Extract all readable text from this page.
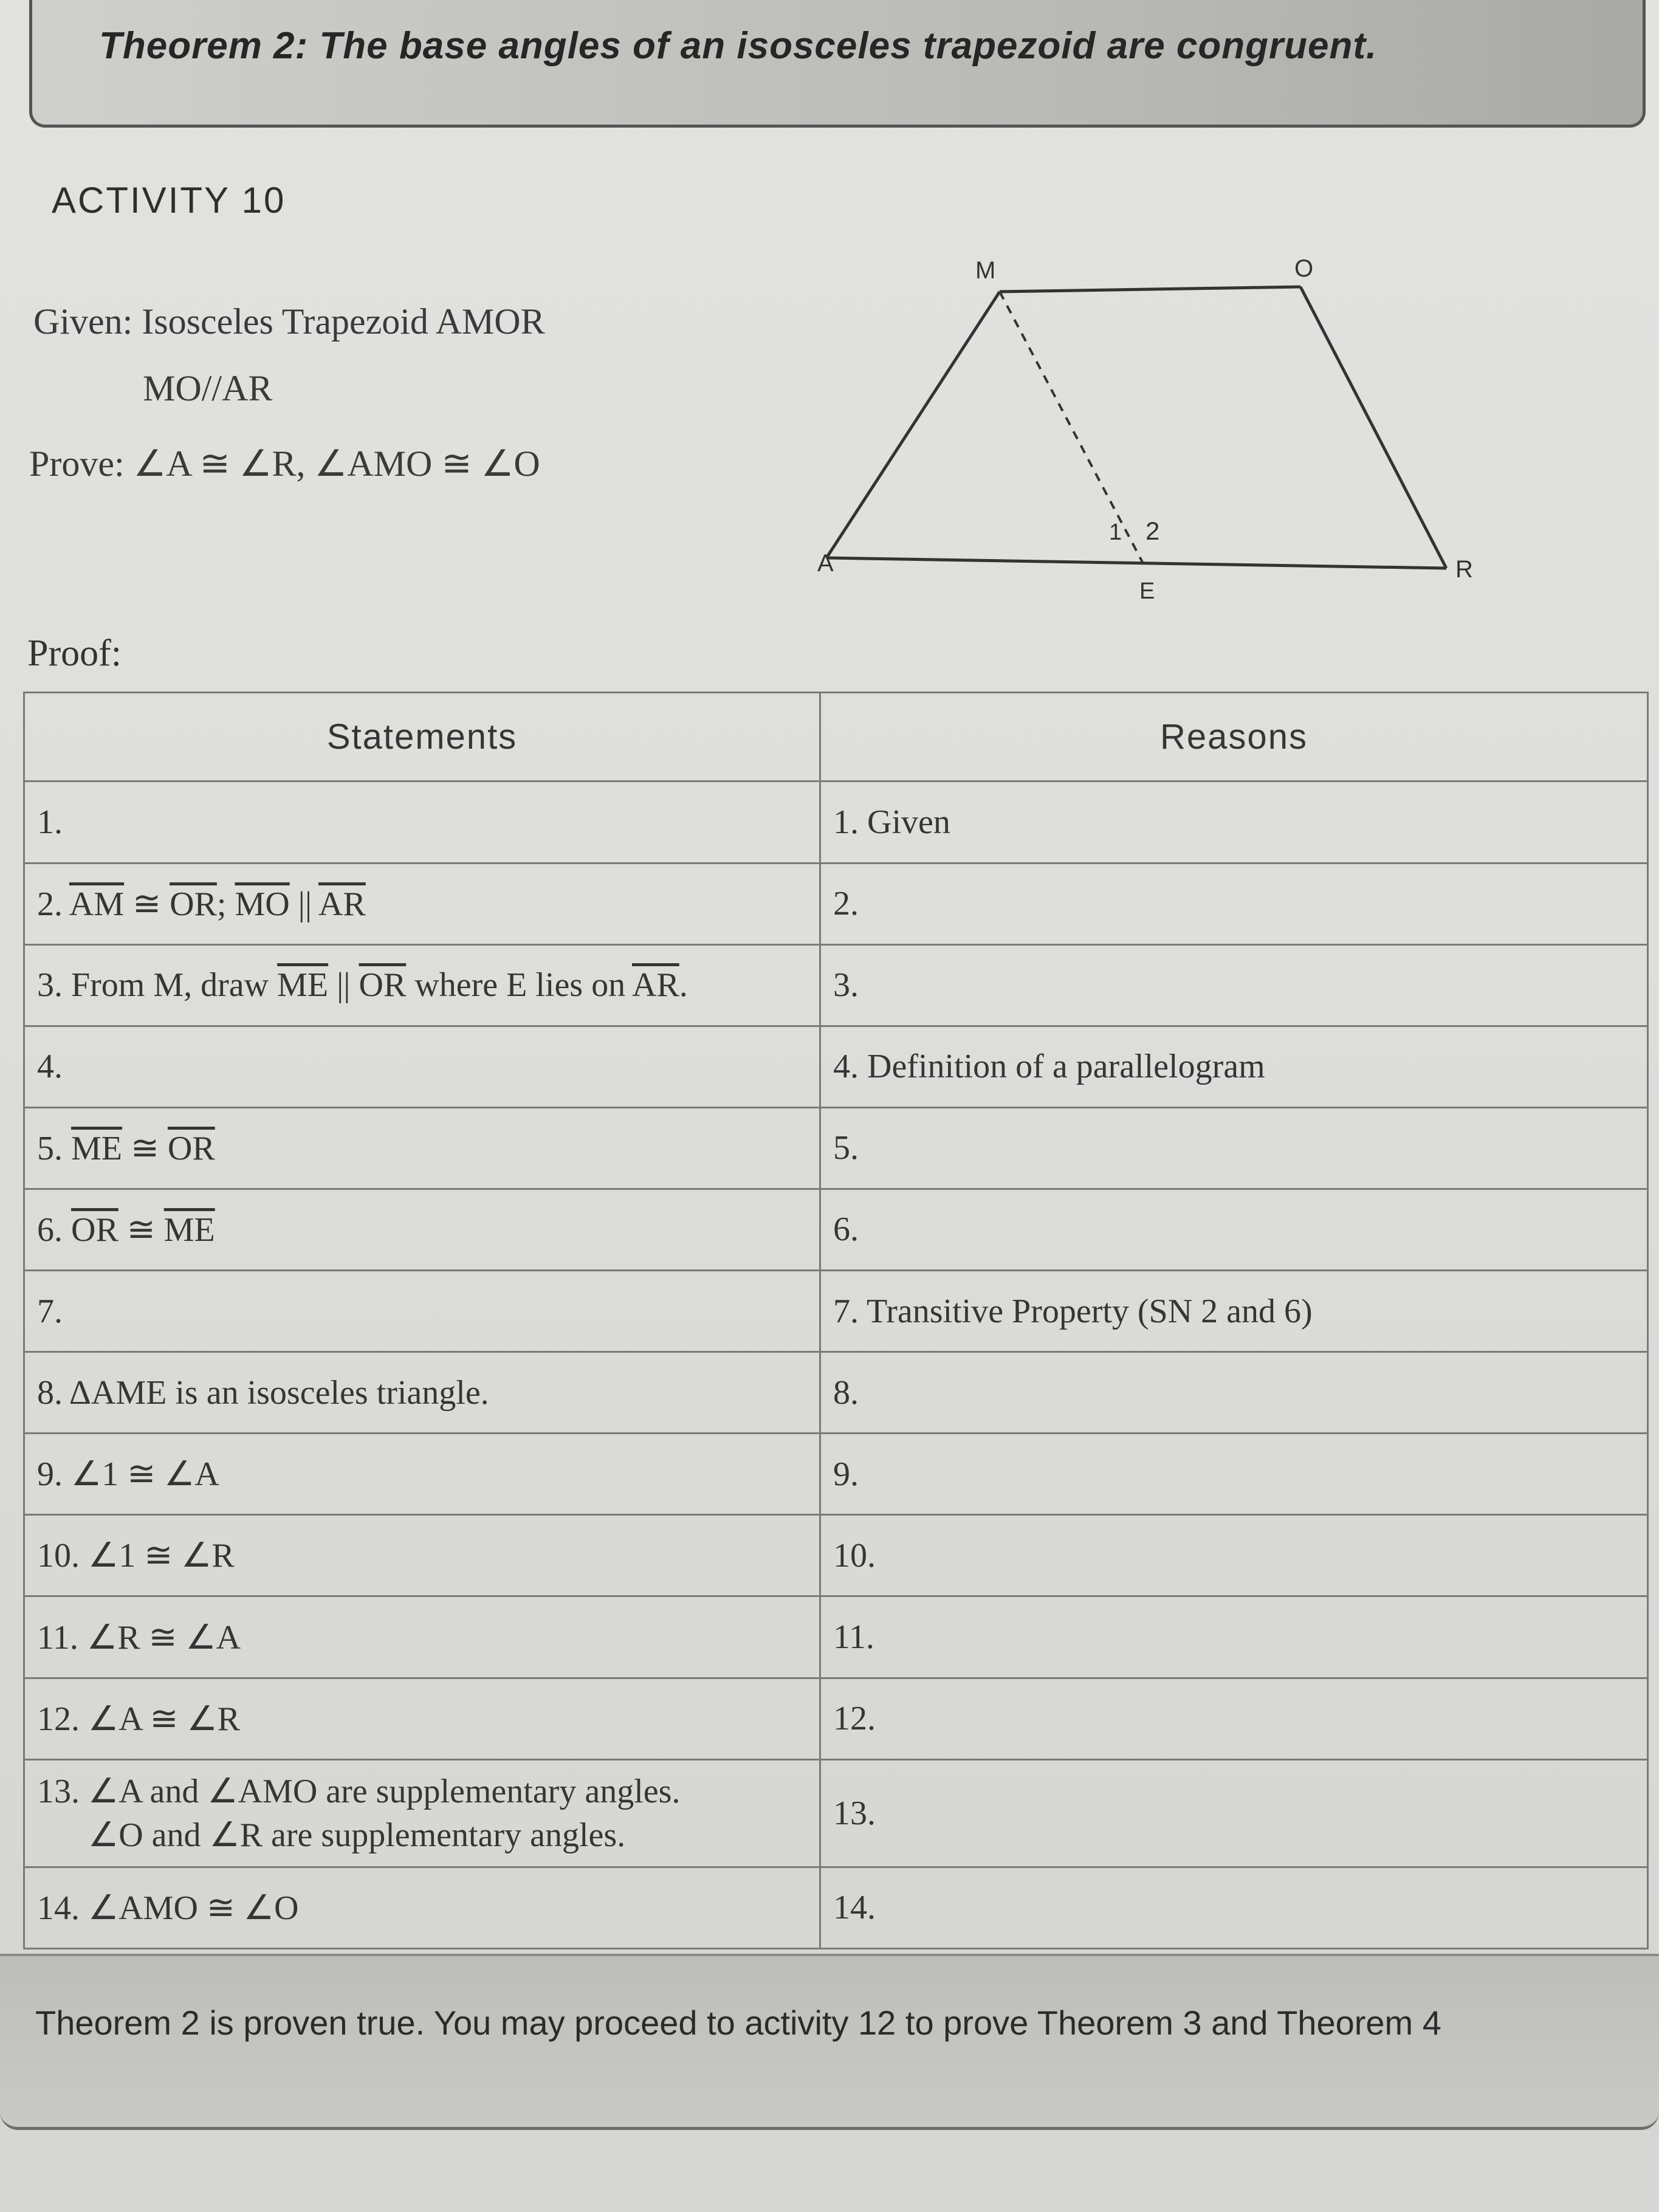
Theorem 2: The base angles of an isosceles trapezoid are congruent.
ACTIVITY 10
Given: Isosceles Trapezoid AMOR
MO//AR
Prove: ∠A ≅ ∠R, ∠AMO ≅ ∠O
M	O
A	R
E
1 2
Proof:
Statements	Reasons
1.	1. Given
2. $\overline{AM}$ ≅ $\overline{OR}$; $\overline{MO}$ || $\overline{AR}$	2.
3. From M, draw $\overline{ME}$ || $\overline{OR}$ where E lies on $\overline{AR}$.	3.
4.	4. Definition of a parallelogram
5. $\overline{ME}$ ≅ $\overline{OR}$	5.
6. $\overline{OR}$ ≅ $\overline{ME}$	6.
7.	7. Transitive Property (SN 2 and 6)
8. ΔAME is an isosceles triangle.	8.
9. ∠1 ≅ ∠A	9.
10. ∠1 ≅ ∠R	10.
11. ∠R ≅ ∠A	11.
12. ∠A ≅ ∠R	12.
13. ∠A and ∠AMO are supplementary angles.
∠O and ∠R are supplementary angles.	13.
14. ∠AMO ≅ ∠O	14.
Theorem 2 is proven true. You may proceed to activity 12 to prove Theorem 3 and Theorem 4
